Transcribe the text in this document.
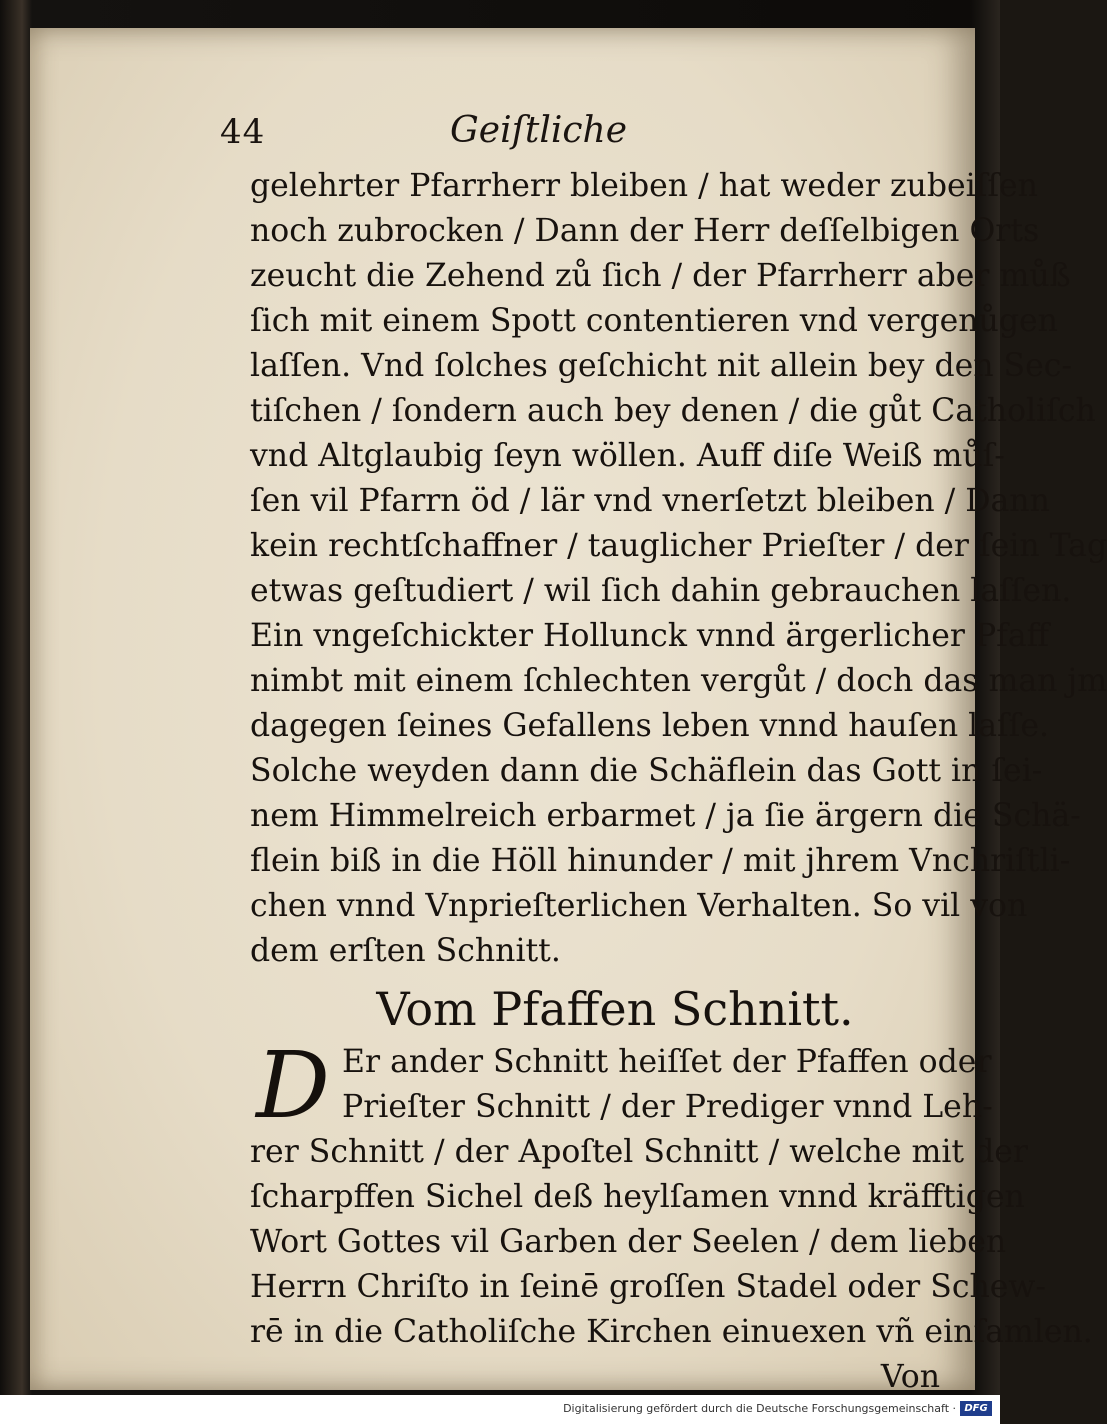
44	Geiſtliche
gelehrter Pfarrherr bleiben / hat weder zubeiſſen
noch zubrocken / Dann der Herr deſſelbigen Orts
zeucht die Zehend zů ſich / der Pfarrherr aber můß
ſich mit einem Spott contentieren vnd vergenůgen
laſſen. Vnd ſolches geſchicht nit allein bey den Sec-
tiſchen / ſondern auch bey denen / die gůt Catholiſch
vnd Altglaubig ſeyn wöllen. Auff diſe Weiß můſ-
ſen vil Pfarrn öd / lär vnd vnerſetzt bleiben / Dann
kein rechtſchaffner / tauglicher Prieſter / der ſein Tag
etwas geſtudiert / wil ſich dahin gebrauchen laſſen.
Ein vngeſchickter Hollunck vnnd ärgerlicher Pfaff
nimbt mit einem ſchlechten vergůt / doch das man jm
dagegen ſeines Gefallens leben vnnd hauſen laſſe.
Solche weyden dann die Schäflein das Gott in ſei-
nem Himmelreich erbarmet / ja ſie ärgern die Schä-
flein biß in die Höll hinunder / mit jhrem Vnchriſtli-
chen vnnd Vnprieſterlichen Verhalten. So vil von
dem erſten Schnitt.
Vom Pfaffen Schnitt.
D Er ander Schnitt heiſſet der Pfaffen oder
Prieſter Schnitt / der Prediger vnnd Leh-
rer Schnitt / der Apoſtel Schnitt / welche mit der
ſcharpffen Sichel deß heylſamen vnnd kräfftigen
Wort Gottes vil Garben der Seelen / dem lieben
Herrn Chriſto in ſeinē groſſen Stadel oder Schew-
rē in die Catholiſche Kirchen einuexen vñ einſamlen.
Von
Digitalisierung gefördert durch die Deutsche Forschungsgemeinschaft · DFG
